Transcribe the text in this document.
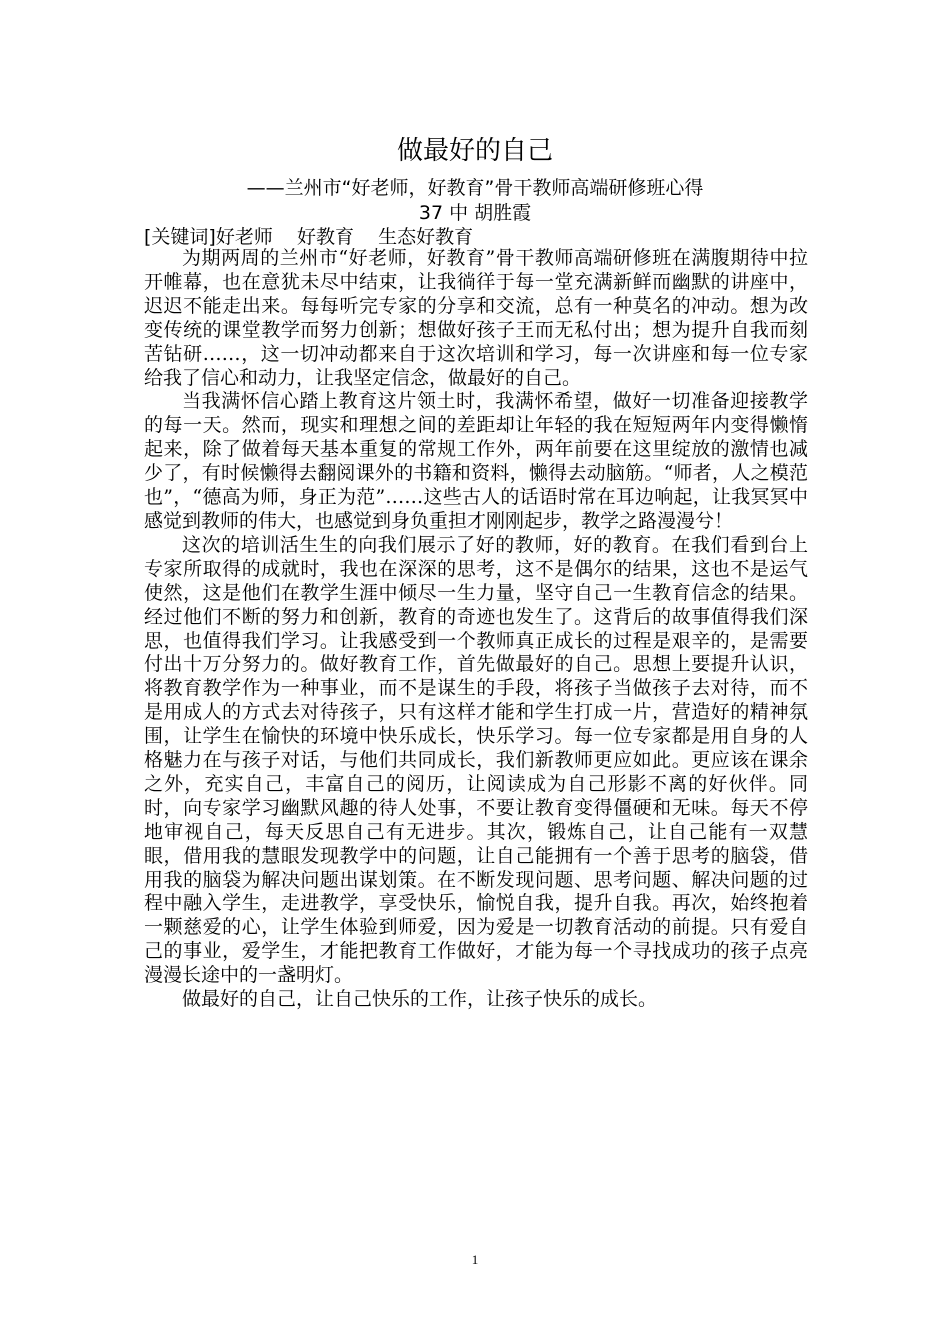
做最好的自己
——兰州市“好老师，好教育”骨干教师高端研修班心得
37 中 胡胜霞
[关键词]好老师    好教育    生态好教育

为期两周的兰州市“好老师，好教育”骨干教师高端研修班在满腹期待中拉开帷幕，也在意犹未尽中结束，让我徜徉于每一堂充满新鲜而幽默的讲座中，迟迟不能走出来。每每听完专家的分享和交流，总有一种莫名的冲动。想为改变传统的课堂教学而努力创新；想做好孩子王而无私付出；想为提升自我而刻苦钻研……，这一切冲动都来自于这次培训和学习，每一次讲座和每一位专家给我了信心和动力，让我坚定信念，做最好的自己。

当我满怀信心踏上教育这片领土时，我满怀希望，做好一切准备迎接教学的每一天。然而，现实和理想之间的差距却让年轻的我在短短两年内变得懒惰起来，除了做着每天基本重复的常规工作外，两年前要在这里绽放的激情也减少了，有时候懒得去翻阅课外的书籍和资料，懒得去动脑筋。“师者，人之模范也”，“德高为师，身正为范”……这些古人的话语时常在耳边响起，让我冥冥中感觉到教师的伟大，也感觉到身负重担才刚刚起步，教学之路漫漫兮！

这次的培训活生生的向我们展示了好的教师，好的教育。在我们看到台上专家所取得的成就时，我也在深深的思考，这不是偶尔的结果，这也不是运气使然，这是他们在教学生涯中倾尽一生力量，坚守自己一生教育信念的结果。经过他们不断的努力和创新，教育的奇迹也发生了。这背后的故事值得我们深思，也值得我们学习。让我感受到一个教师真正成长的过程是艰辛的，是需要付出十万分努力的。做好教育工作，首先做最好的自己。思想上要提升认识，将教育教学作为一种事业，而不是谋生的手段，将孩子当做孩子去对待，而不是用成人的方式去对待孩子，只有这样才能和学生打成一片，营造好的精神氛围，让学生在愉快的环境中快乐成长，快乐学习。每一位专家都是用自身的人格魅力在与孩子对话，与他们共同成长，我们新教师更应如此。更应该在课余之外，充实自己，丰富自己的阅历，让阅读成为自己形影不离的好伙伴。同时，向专家学习幽默风趣的待人处事，不要让教育变得僵硬和无味。每天不停地审视自己，每天反思自己有无进步。其次，锻炼自己，让自己能有一双慧眼，借用我的慧眼发现教学中的问题，让自己能拥有一个善于思考的脑袋，借用我的脑袋为解决问题出谋划策。在不断发现问题、思考问题、解决问题的过程中融入学生，走进教学，享受快乐，愉悦自我，提升自我。再次，始终抱着一颗慈爱的心，让学生体验到师爱，因为爱是一切教育活动的前提。只有爱自己的事业，爱学生，才能把教育工作做好，才能为每一个寻找成功的孩子点亮漫漫长途中的一盏明灯。

做最好的自己，让自己快乐的工作，让孩子快乐的成长。

1
